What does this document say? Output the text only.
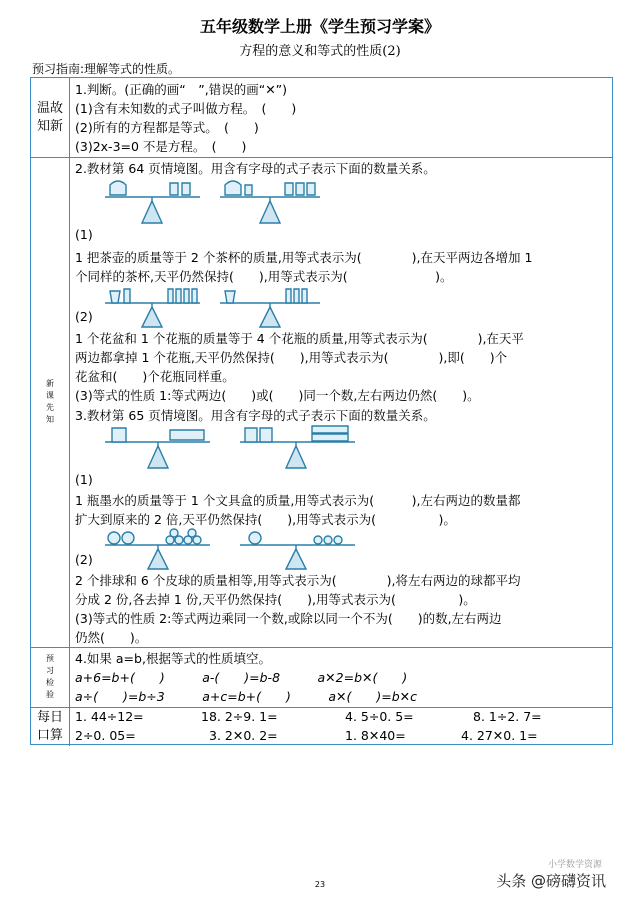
五年级数学上册《学生预习学案》
方程的意义和等式的性质(2)
预习指南:理解等式的性质。
温故
知新
1.判断。(正确的画“　”,错误的画“✕”)
(1)含有未知数的式子叫做方程。　(　　)
(2)所有的方程都是等式。　(　　)
(3)2x-3=0 不是方程。　(　　)
新
课
先
知
2.教材第 64 页情境图。用含有字母的式子表示下面的数量关系。
(1)
1 把茶壶的质量等于 2 个茶杯的质量,用等式表示为(　　　　),在天平两边各增加 1
个同样的茶杯,天平仍然保持(　　),用等式表示为(　　　　　　　)。
(2)
1 个花盆和 1 个花瓶的质量等于 4 个花瓶的质量,用等式表示为(　　　　),在天平
两边都拿掉 1 个花瓶,天平仍然保持(　　),用等式表示为(　　　　),即(　　)个
花盆和(　　)个花瓶同样重。
(3)等式的性质 1:等式两边(　　)或(　　)同一个数,左右两边仍然(　　)。
3.教材第 65 页情境图。用含有字母的式子表示下面的数量关系。
(1)
1 瓶墨水的质量等于 1 个文具盒的质量,用等式表示为(　　　),左右两边的数量都
扩大到原来的 2 倍,天平仍然保持(　　),用等式表示为(　　　　　)。
(2)
2 个排球和 6 个皮球的质量相等,用等式表示为(　　　　),将左右两边的球都平均
分成 2 份,各去掉 1 份,天平仍然保持(　　),用等式表示为(　　　　　)。
(3)等式的性质 2:等式两边乘同一个数,或除以同一个不为(　　)的数,左右两边
仍然(　　)。
预
习
检
验
4.如果 a=b,根据等式的性质填空。
a+6=b+(　　)　　　a-(　　)=b-8　　　a✕2=b✕(　　)
a÷(　　)=b÷3　　　a+c=b+(　　)　　　a✕(　　)=b✕c
每日
口算
1. 44÷12=	18. 2÷9. 1=	4. 5÷0. 5=	8. 1÷2. 7=
2÷0. 05=	3. 2✕0. 2=	1. 8✕40=	4. 27✕0. 1=
小学数学资源
头条 @磅礴资讯
23
